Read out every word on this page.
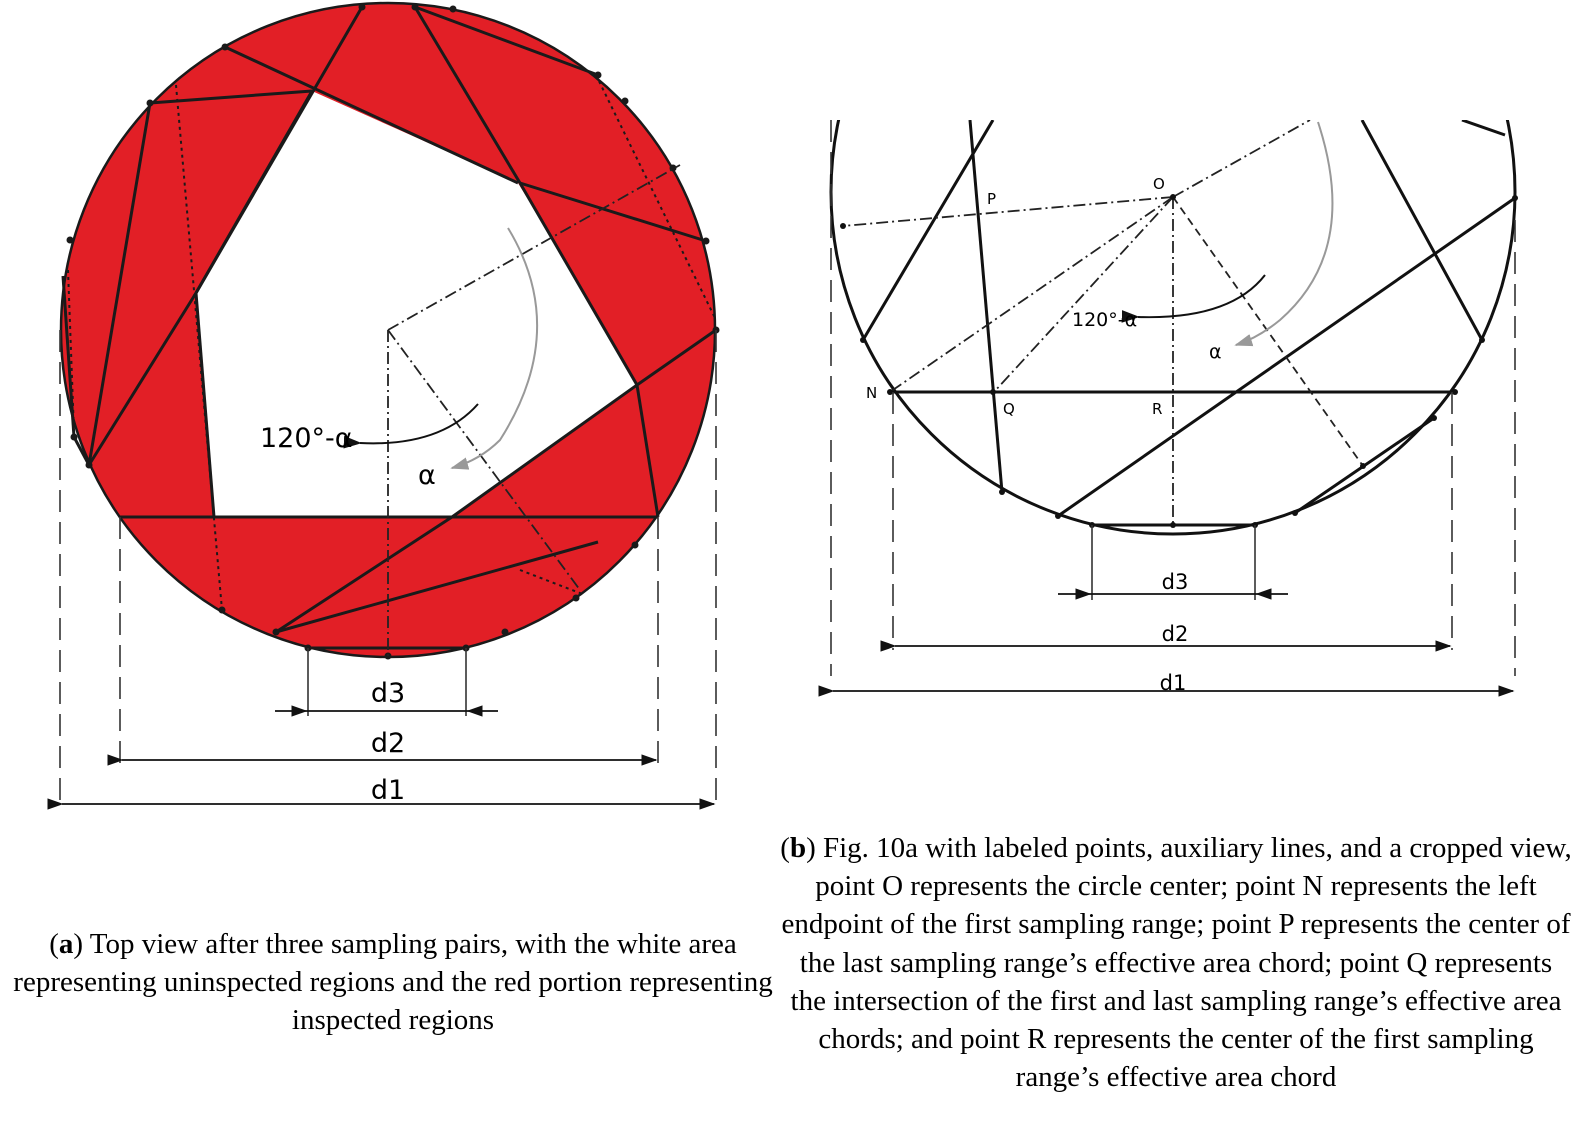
120°-α
α
d1
d2
d3
O
P
N
Q	R
120°-α
α
d1
d2
d3
(a) Top view after three sampling pairs, with the white area representing uninspected regions and the red portion representing inspected regions
(b) Fig. 10a with labeled points, auxiliary lines, and a cropped view, point O represents the circle center; point N represents the left endpoint of the first sampling range; point P represents the center of the last sampling range’s effective area chord; point Q represents the intersection of the first and last sampling range’s effective area chords; and point R represents the center of the first sampling range’s effective area chord
